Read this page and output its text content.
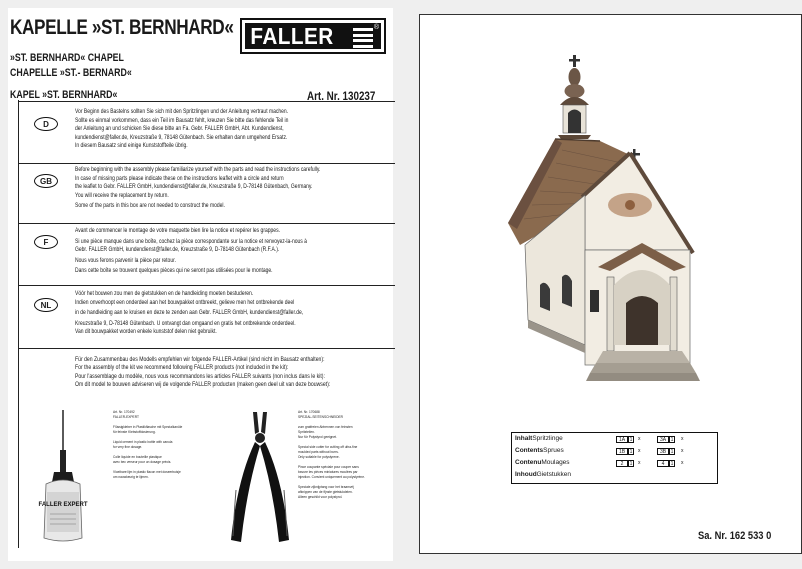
KAPELLE »ST. BERNHARD«
»ST. BERNHARD« CHAPEL
CHAPELLE »ST.- BERNARD«
KAPEL »ST. BERNHARD«	Art. Nr. 130237
FALLER	®
D
Vor Beginn des Bastelns sollten Sie sich mit den Spritzlingen und der Anleitung vertraut machen.
Sollte es einmal vorkommen, dass ein Teil im Bausatz fehlt, kreuzen Sie bitte das fehlende Teil in
der Anleitung an und schicken Sie diese bitte an Fa. Gebr. FALLER GmbH, Abt. Kundendienst,
kundendienst@faller.de, Kreuzstraße 9, 78148 Gütenbach. Sie erhalten dann umgehend Ersatz.
In diesem Bausatz sind einige Kunststoffteile übrig.
GB
Before beginning with the assembly please familiarize yourself with the parts and read the instructions carefully.
In case of missing parts please indicate these on the instructions leaflet with a circle and return
the leaflet to Gebr. FALLER GmbH, kundendienst@faller.de, Kreuzstraße 9, D-78148 Gütenbach, Germany.
You will receive the replacement by return.
Some of the parts in this box are not needed to construct the model.
F
Avant de commencer le montage de votre maquette bien lire la notice et repérer les grappes.
Si une pièce manque dans une boîte, cochez la pièce correspondante sur la notice et renvoyez-la-nous à
Gebr. FALLER GmbH, kundendienst@faller.de, Kreuzstraße 9, D-78148 Gütenbach (R.F.A.).
Nous vous ferons parvenir la pièce par retour.
Dans cette boîte se trouvent quelques pièces qui ne seront pas utilisées pour le montage.
NL
Vóór het bouwen zou men de gietstukken en de handleiding moeten bestuderen.
Indien onverhoopt een onderdeel aan het bouwpakket ontbreekt, gelieve men het ontbrekende deel
in de handleiding aan te kruisen en deze te zenden aan Gebr. FALLER GmbH, kundendienst@faller.de,
Kreuzstraße 9, D-78148 Gütenbach. U ontvangt dan omgaand en gratis het ontbrekende onderdeel.
Van dit bouwpakket worden enkele kunststof delen niet gebruikt.
Für den Zusammenbau des Modells empfehlen wir folgende FALLER-Artikel (sind nicht im Bausatz enthalten):
For the assembly of the kit we recommend following FALLER products (not included in the kit):
Pour l'assemblage du modèle, nous vous recommandons les articles FALLER suivants (non inclus dans le kit):
Om dit model te bouwen adviseren wij de volgende FALLER producten (maken geen deel uit van deze bouwset):
FALLER EXPERT
Art. Nr. 170492
FALLER-EXPERT

Flüssigkleber in Plastikflasche mit Spezialkanüle
für feinste Klebstoffdosierung.

Liquid cement in plastic bottle with canula
for very fine dosage.

Colle liquide en bouteille plastique
avec bec verseur pour un dosage précis.

Vloeibare lijm in plastic flacon met doseerbuisje
om nauwkeurig te lijmen.
Art. Nr. 170688
SPEZIAL-SEITENSCHNEIDER

zum gratfreien Abtrennen von feinsten
Spritzteilen.
Nur für Polystyrol geeignet.

Special side cutter for cutting off ultra-fine
moulded parts without burrs.
Only suitable for polystyrene.

Pince coupante spéciale pour couper sans
bavure les pièces miniatures moulées par
injection. Convient uniquement au polystyrène.

Speciale zijknijptang voor het braamvrij
afknippen van de fijnste gietstukdelen.
Alleen geschikt voor polystyrol.
InhaltSpritzlinge
ContentsSprues
ContenuMoulages
InhoudGietstukken
1A 1	x	3A 1	x
1B 1	x	3B 1	x
2	1	x	4	1	x
Sa. Nr. 162 533 0
